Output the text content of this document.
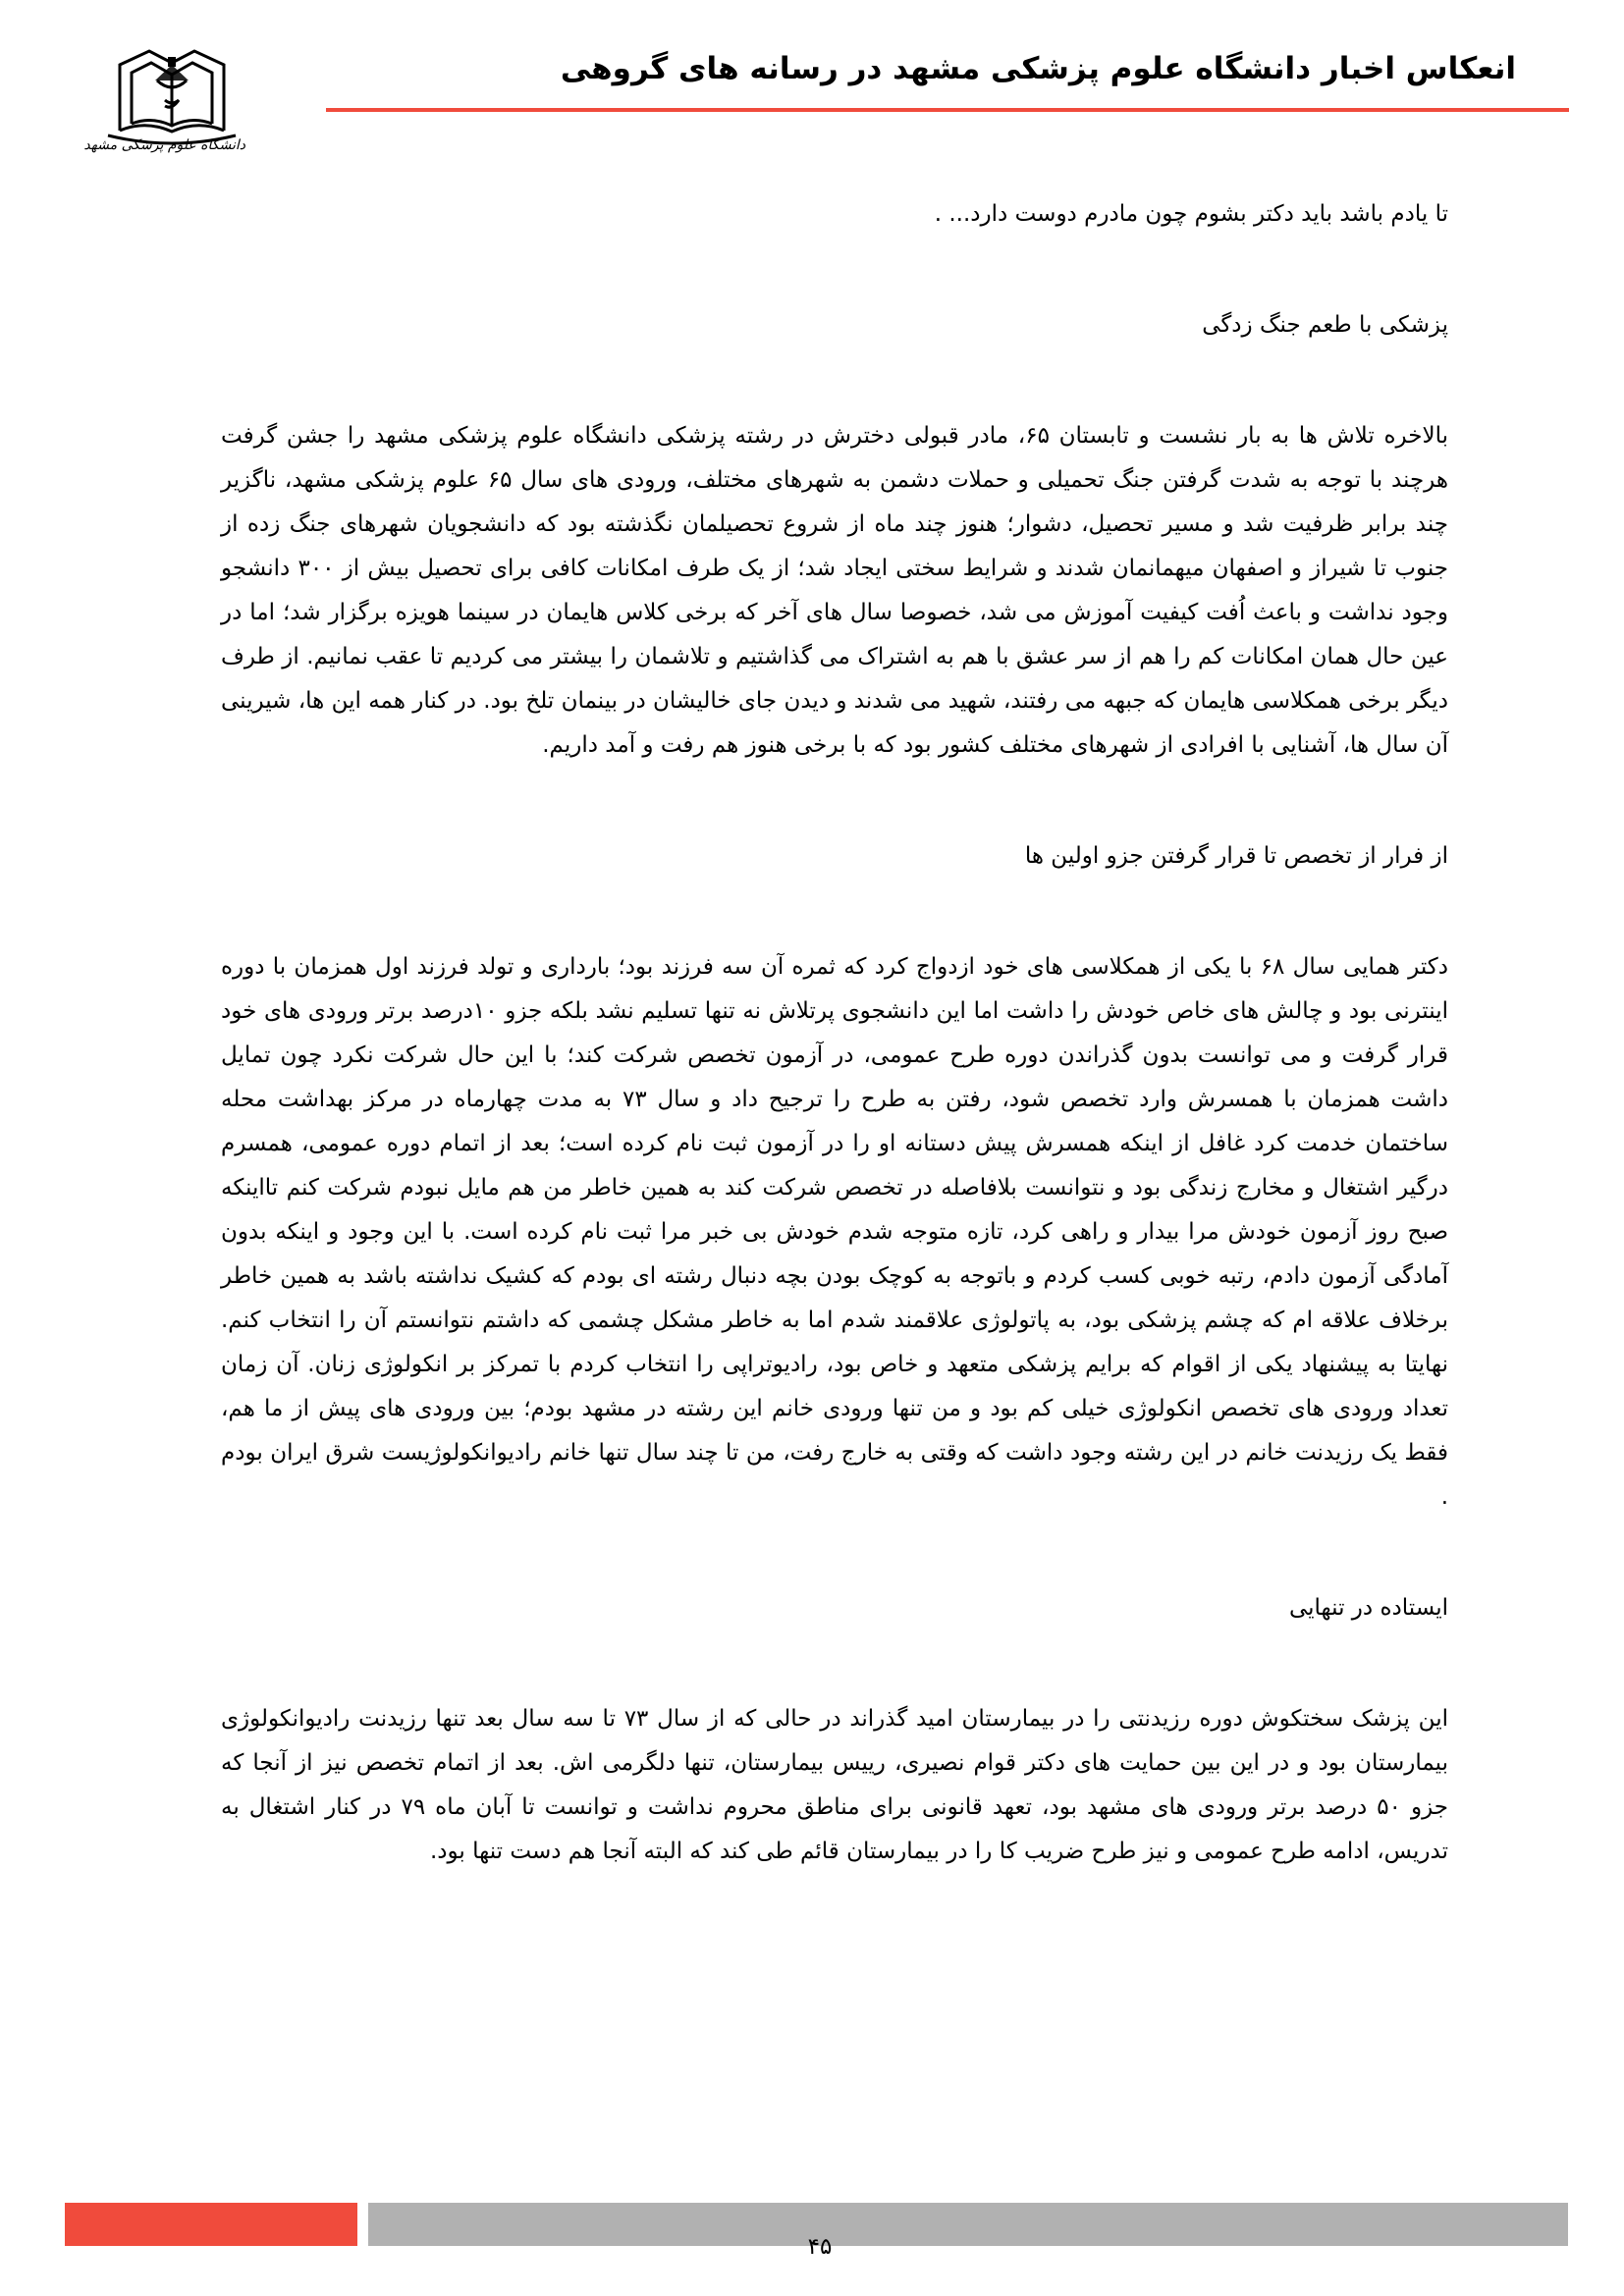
انعکاس اخبار دانشگاه علوم پزشکی مشهد در رسانه های گروهی
دانشگاه علوم پزشکی مشهد

تا یادم باشد باید دکتر بشوم چون مادرم دوست دارد... .

پزشکی با طعم جنگ زدگی

بالاخره تلاش ها به بار نشست و تابستان ۶۵، مادر قبولی دخترش در رشته پزشکی دانشگاه علوم پزشکی مشهد را جشن گرفت هرچند با توجه به شدت گرفتن جنگ تحمیلی و حملات دشمن به شهرهای مختلف، ورودی های سال ۶۵ علوم پزشکی مشهد، ناگزیر چند برابر ظرفیت شد و مسیر تحصیل، دشوار؛ هنوز چند ماه از شروع تحصیلمان نگذشته بود که دانشجویان شهرهای جنگ زده از جنوب تا شیراز و اصفهان میهمانمان شدند و شرایط سختی ایجاد شد؛ از یک طرف امکانات کافی برای تحصیل بیش از ۳۰۰ دانشجو وجود نداشت و باعث اُفت کیفیت آموزش می شد، خصوصا سال های آخر که برخی کلاس هایمان در سینما هویزه برگزار شد؛ اما در عین حال همان امکانات کم را هم از سر عشق با هم به اشتراک می گذاشتیم و تلاشمان را بیشتر می کردیم تا عقب نمانیم. از طرف دیگر برخی همکلاسی هایمان که جبهه می رفتند، شهید می شدند و دیدن جای خالیشان در بینمان تلخ بود. در کنار همه این ها، شیرینی آن سال ها، آشنایی با افرادی از شهرهای مختلف کشور بود که با برخی هنوز هم رفت و آمد داریم.

از فرار از تخصص تا قرار گرفتن جزو اولین ها

دکتر همایی سال ۶۸ با یکی از همکلاسی های خود ازدواج کرد که ثمره آن سه فرزند بود؛ بارداری و تولد فرزند اول همزمان با دوره اینترنی بود و چالش های خاص خودش را داشت اما این دانشجوی پرتلاش نه تنها تسلیم نشد بلکه جزو ۱۰درصد برتر ورودی های خود قرار گرفت و می توانست بدون گذراندن دوره طرح عمومی، در آزمون تخصص شرکت کند؛ با این حال شرکت نکرد چون تمایل داشت همزمان با همسرش وارد تخصص شود، رفتن به طرح را ترجیح داد و سال ۷۳ به مدت چهارماه در مرکز بهداشت محله ساختمان خدمت کرد غافل از اینکه همسرش پیش دستانه او را در آزمون ثبت نام کرده است؛ بعد از اتمام دوره عمومی، همسرم درگیر اشتغال و مخارج زندگی بود و نتوانست بلافاصله در تخصص شرکت کند به همین خاطر من هم مایل نبودم شرکت کنم تااینکه صبح روز آزمون خودش مرا بیدار و راهی کرد، تازه متوجه شدم خودش بی خبر مرا ثبت نام کرده است. با این وجود و اینکه بدون آمادگی آزمون دادم، رتبه خوبی کسب کردم و باتوجه به کوچک بودن بچه دنبال رشته ای بودم که کشیک نداشته باشد به همین خاطر برخلاف علاقه ام که چشم پزشکی بود، به پاتولوژی علاقمند شدم اما به خاطر مشکل چشمی که داشتم نتوانستم آن را انتخاب کنم. نهایتا به پیشنهاد یکی از اقوام که برایم پزشکی متعهد و خاص بود، رادیوتراپی را انتخاب کردم با تمرکز بر انکولوژی زنان. آن زمان تعداد ورودی های تخصص انکولوژی خیلی کم بود و من تنها ورودی خانم این رشته در مشهد بودم؛ بین ورودی های پیش از ما هم، فقط یک رزیدنت خانم در این رشته وجود داشت که وقتی به خارج رفت، من تا چند سال تنها خانم رادیوانکولوژیست شرق ایران بودم .

ایستاده در تنهایی

این پزشک سختکوش دوره رزیدنتی را در بیمارستان امید گذراند در حالی که از سال ۷۳ تا سه سال بعد تنها رزیدنت رادیوانکولوژی بیمارستان بود و در این بین حمایت های دکتر قوام نصیری، رییس بیمارستان، تنها دلگرمی اش. بعد از اتمام تخصص نیز از آنجا که جزو ۵۰ درصد برتر ورودی های مشهد بود، تعهد قانونی برای مناطق محروم نداشت و توانست تا آبان ماه ۷۹ در کنار اشتغال به تدریس، ادامه طرح عمومی و نیز طرح ضریب کا را در بیمارستان قائم طی کند که البته آنجا هم دست تنها بود.

۴۵
